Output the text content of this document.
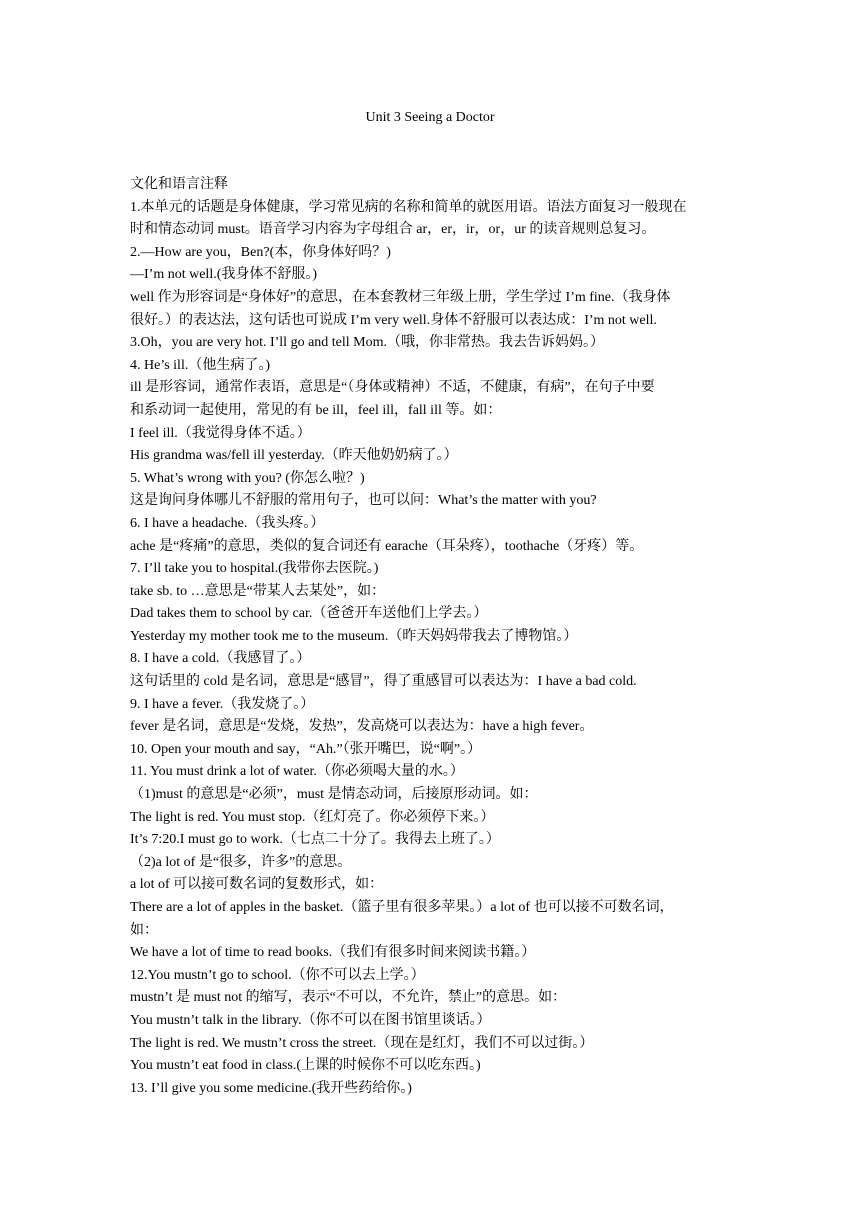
Unit 3 Seeing a Doctor
文化和语言注释
1.本单元的话题是身体健康，学习常见病的名称和简单的就医用语。语法方面复习一般现在
时和情态动词 must。语音学习内容为字母组合 ar，er，ir，or，ur 的读音规则总复习。
2.—How are you，Ben?(本，你身体好吗？)
—I’m not well.(我身体不舒服。)
well 作为形容词是“身体好”的意思，在本套教材三年级上册，学生学过 I’m fine.（我身体
很好。）的表达法，这句话也可说成 I’m very well.身体不舒服可以表达成：I’m not well.
3.Oh，you are very hot. I’ll go and tell Mom.（哦，你非常热。我去告诉妈妈。）
4. He’s ill.（他生病了。)
ill 是形容词，通常作表语，意思是“（身体或精神）不适，不健康，有病”，在句子中要
和系动词一起使用，常见的有 be ill，feel ill，fall ill 等。如：
I feel ill.（我觉得身体不适。）
His grandma was/fell ill yesterday.（昨天他奶奶病了。）
5. What’s wrong with you? (你怎么啦？)
这是询问身体哪儿不舒服的常用句子，也可以问：What’s the matter with you?
6. I have a headache.（我头疼。）
ache 是“疼痛”的意思，类似的复合词还有 earache（耳朵疼），toothache（牙疼）等。
7. I’ll take you to hospital.(我带你去医院。)
take sb. to …意思是“带某人去某处”，如：
Dad takes them to school by car.（爸爸开车送他们上学去。）
Yesterday my mother took me to the museum.（昨天妈妈带我去了博物馆。）
8. I have a cold.（我感冒了。）
这句话里的 cold 是名词，意思是“感冒”，得了重感冒可以表达为：I have a bad cold.
9. I have a fever.（我发烧了。）
fever 是名词，意思是“发烧，发热”，发高烧可以表达为：have a high fever。
10. Open your mouth and say，“Ah.”（张开嘴巴，说“啊”。）
11. You must drink a lot of water.（你必须喝大量的水。）
（1)must 的意思是“必须”，must 是情态动词，后接原形动词。如：
The light is red. You must stop.（红灯亮了。你必须停下来。）
It’s 7:20.I must go to work.（七点二十分了。我得去上班了。）
（2)a lot of 是“很多，许多”的意思。
a lot of 可以接可数名词的复数形式，如：
There are a lot of apples in the basket.（篮子里有很多苹果。）a lot of 也可以接不可数名词，
如：
We have a lot of time to read books.（我们有很多时间来阅读书籍。）
12.You mustn’t go to school.（你不可以去上学。）
mustn’t 是 must not 的缩写，表示“不可以，不允许，禁止”的意思。如：
You mustn’t talk in the library.（你不可以在图书馆里谈话。）
The light is red. We mustn’t cross the street.（现在是红灯，我们不可以过街。）
You mustn’t eat food in class.(上课的时候你不可以吃东西。)
13. I’ll give you some medicine.(我开些药给你。)
